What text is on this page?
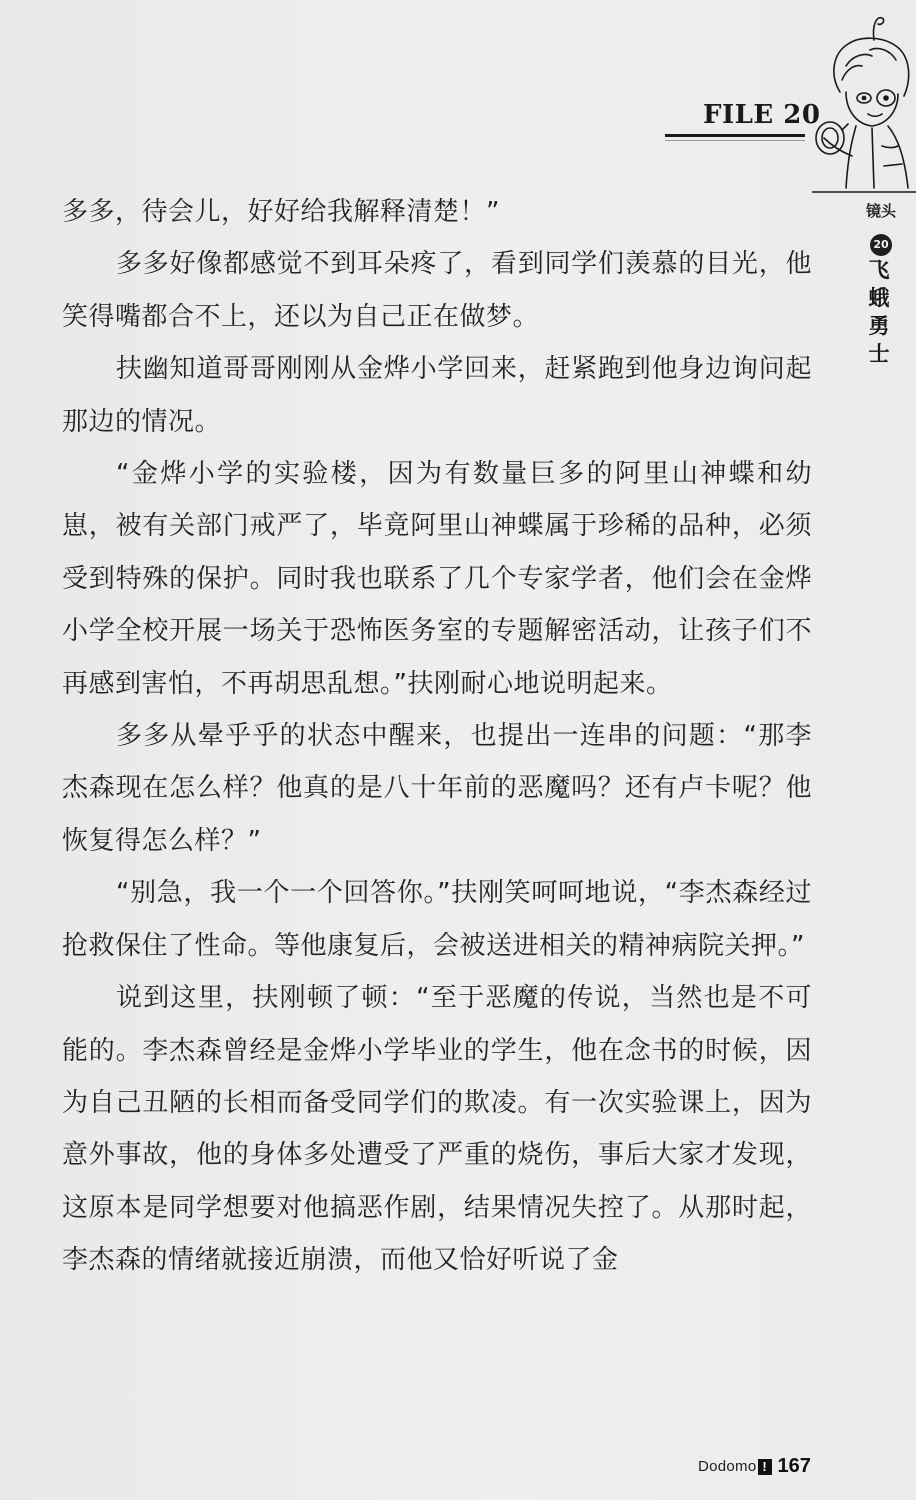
FILE 20
镜头
20
飞蛾勇士

多多，待会儿，好好给我解释清楚！”

多多好像都感觉不到耳朵疼了，看到同学们羡慕的目光，他笑得嘴都合不上，还以为自己正在做梦。

扶幽知道哥哥刚刚从金烨小学回来，赶紧跑到他身边询问起那边的情况。

“金烨小学的实验楼，因为有数量巨多的阿里山神蝶和幼崽，被有关部门戒严了，毕竟阿里山神蝶属于珍稀的品种，必须受到特殊的保护。同时我也联系了几个专家学者，他们会在金烨小学全校开展一场关于恐怖医务室的专题解密活动，让孩子们不再感到害怕，不再胡思乱想。”扶刚耐心地说明起来。

多多从晕乎乎的状态中醒来，也提出一连串的问题：“那李杰森现在怎么样？他真的是八十年前的恶魔吗？还有卢卡呢？他恢复得怎么样？”

“别急，我一个一个回答你。”扶刚笑呵呵地说，“李杰森经过抢救保住了性命。等他康复后，会被送进相关的精神病院关押。”

说到这里，扶刚顿了顿：“至于恶魔的传说，当然也是不可能的。李杰森曾经是金烨小学毕业的学生，他在念书的时候，因为自己丑陋的长相而备受同学们的欺凌。有一次实验课上，因为意外事故，他的身体多处遭受了严重的烧伤，事后大家才发现，这原本是同学想要对他搞恶作剧，结果情况失控了。从那时起，李杰森的情绪就接近崩溃，而他又恰好听说了金

Dodomo ! 167
